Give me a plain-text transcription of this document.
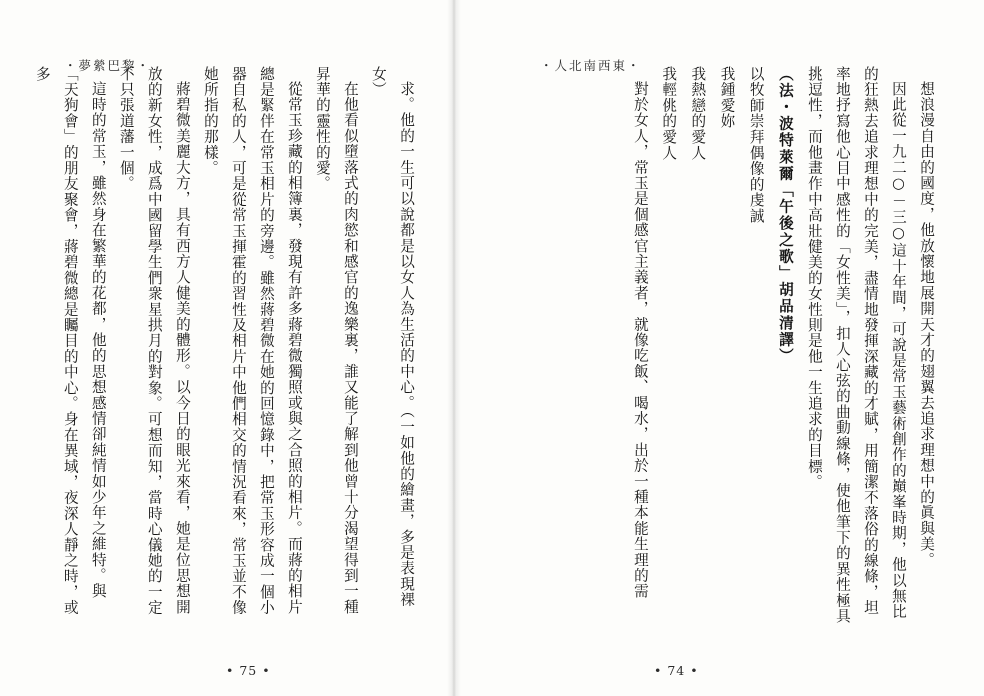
・夢縈巴黎・

求。他的一生可以說都是以女人為生活的中心。（一如他的繪畫，多是表現裸女）

在他看似墮落式的肉慾和感官的逸樂裏，誰又能了解到他曾十分渴望得到一種昇華的靈性的愛。

從常玉珍藏的相簿裏，發現有許多蔣碧微獨照或與之合照的相片。而蔣的相片總是緊伴在常玉相片的旁邊。雖然蔣碧微在她的回憶錄中，把常玉形容成一個小器自私的人，可是從常玉揮霍的習性及相片中他們相交的情況看來，常玉並不像她所指的那樣。

蔣碧微美麗大方，具有西方人健美的體形。以今日的眼光來看，她是位思想開放的新女性，成爲中國留學生們衆星拱月的對象。可想而知，當時心儀她的一定不只張道藩一個。

這時的常玉，雖然身在繁華的花都，他的思想感情卻純情如少年之維特。與「天狗會」的朋友聚會，蔣碧微總是矚目的中心。身在異域，夜深人靜之時，或多

• 75 •
・人北南西東・

想浪漫自由的國度，他放懷地展開天才的翅翼去追求理想中的眞與美。

因此從一九二○－三○這十年間，可說是常玉藝術創作的巔峯時期，他以無比的狂熱去追求理想中的完美，盡情地發揮深藏的才賦，用簡潔不落俗的線條，坦率地抒寫他心目中感性的「女性美」，扣人心弦的曲動線條，使他筆下的異性極具挑逗性，而他畫作中高壯健美的女性則是他一生追求的目標。

（法・波特萊爾「午後之歌」胡品清譯）

以牧師崇拜偶像的虔誠

我鍾愛妳

我熱戀的愛人

我輕佻的愛人

對於女人，常玉是個感官主義者，就像吃飯、喝水，出於一種本能生理的需

• 74 •
